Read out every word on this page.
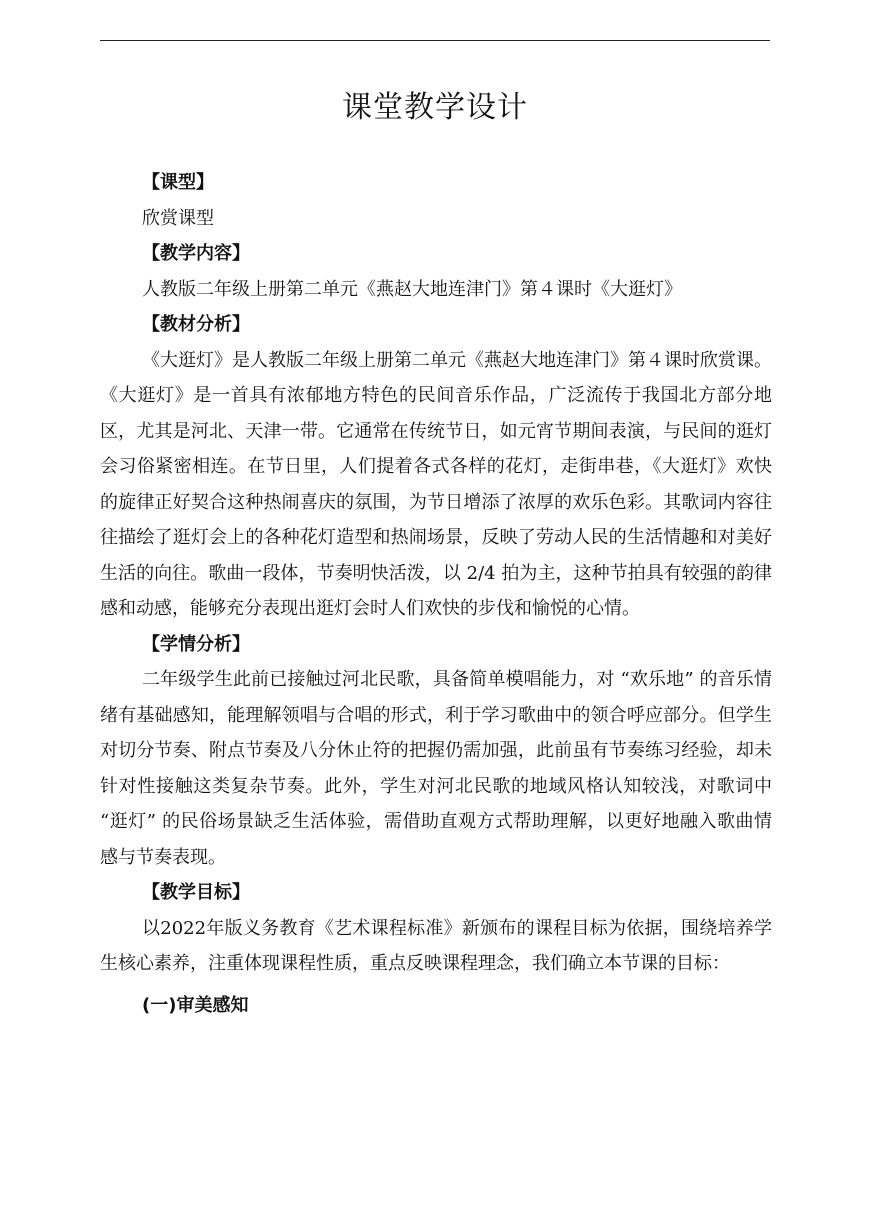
课堂教学设计

【课型】

欣赏课型

【教学内容】

人教版二年级上册第二单元《燕赵大地连津门》第４课时《大逛灯》

【教材分析】

《大逛灯》是人教版二年级上册第二单元《燕赵大地连津门》第４课时欣赏课。《大逛灯》是一首具有浓郁地方特色的民间音乐作品，广泛流传于我国北方部分地区，尤其是河北、天津一带。它通常在传统节日，如元宵节期间表演，与民间的逛灯会习俗紧密相连。在节日里，人们提着各式各样的花灯，走街串巷，《大逛灯》欢快的旋律正好契合这种热闹喜庆的氛围，为节日增添了浓厚的欢乐色彩。其歌词内容往往描绘了逛灯会上的各种花灯造型和热闹场景，反映了劳动人民的生活情趣和对美好生活的向往。歌曲一段体，节奏明快活泼，以 2/4 拍为主，这种节拍具有较强的韵律感和动感，能够充分表现出逛灯会时人们欢快的步伐和愉悦的心情。

【学情分析】

二年级学生此前已接触过河北民歌，具备简单模唱能力，对 “欢乐地” 的音乐情绪有基础感知，能理解领唱与合唱的形式，利于学习歌曲中的领合呼应部分。但学生对切分节奏、附点节奏及八分休止符的把握仍需加强，此前虽有节奏练习经验，却未针对性接触这类复杂节奏。此外，学生对河北民歌的地域风格认知较浅，对歌词中 “逛灯” 的民俗场景缺乏生活体验，需借助直观方式帮助理解，以更好地融入歌曲情感与节奏表现。

【教学目标】

以2022年版义务教育《艺术课程标准》新颁布的课程目标为依据，围绕培养学生核心素养，注重体现课程性质，重点反映课程理念，我们确立本节课的目标：

(一)审美感知
